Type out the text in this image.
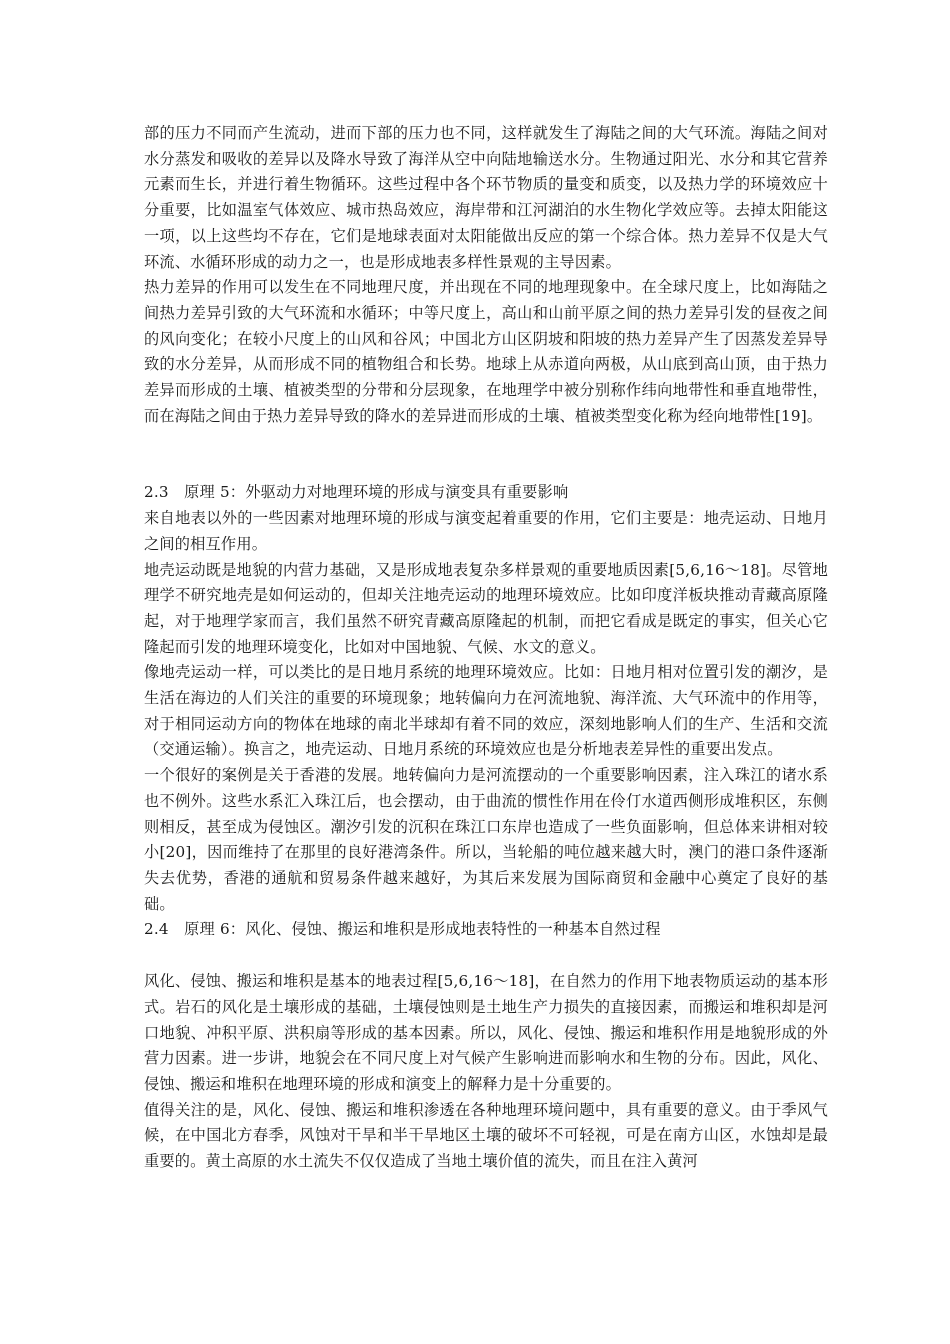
部的压力不同而产生流动，进而下部的压力也不同，这样就发生了海陆之间的大气环流。海陆之间对水分蒸发和吸收的差异以及降水导致了海洋从空中向陆地输送水分。生物通过阳光、水分和其它营养元素而生长，并进行着生物循环。这些过程中各个环节物质的量变和质变，以及热力学的环境效应十分重要，比如温室气体效应、城市热岛效应，海岸带和江河湖泊的水生物化学效应等。去掉太阳能这一项，以上这些均不存在，它们是地球表面对太阳能做出反应的第一个综合体。热力差异不仅是大气环流、水循环形成的动力之一，也是形成地表多样性景观的主导因素。

热力差异的作用可以发生在不同地理尺度，并出现在不同的地理现象中。在全球尺度上，比如海陆之间热力差异引致的大气环流和水循环；中等尺度上，高山和山前平原之间的热力差异引发的昼夜之间的风向变化；在较小尺度上的山风和谷风；中国北方山区阴坡和阳坡的热力差异产生了因蒸发差异导致的水分差异，从而形成不同的植物组合和长势。地球上从赤道向两极，从山底到高山顶，由于热力差异而形成的土壤、植被类型的分带和分层现象，在地理学中被分别称作纬向地带性和垂直地带性，而在海陆之间由于热力差异导致的降水的差异进而形成的土壤、植被类型变化称为经向地带性[19]。

2.3　原理 5：外驱动力对地理环境的形成与演变具有重要影响

来自地表以外的一些因素对地理环境的形成与演变起着重要的作用，它们主要是：地壳运动、日地月之间的相互作用。

地壳运动既是地貌的内营力基础，又是形成地表复杂多样景观的重要地质因素[5,6,16～18]。尽管地理学不研究地壳是如何运动的，但却关注地壳运动的地理环境效应。比如印度洋板块推动青藏高原隆起，对于地理学家而言，我们虽然不研究青藏高原隆起的机制，而把它看成是既定的事实，但关心它隆起而引发的地理环境变化，比如对中国地貌、气候、水文的意义。

像地壳运动一样，可以类比的是日地月系统的地理环境效应。比如：日地月相对位置引发的潮汐，是生活在海边的人们关注的重要的环境现象；地转偏向力在河流地貌、海洋流、大气环流中的作用等，对于相同运动方向的物体在地球的南北半球却有着不同的效应，深刻地影响人们的生产、生活和交流（交通运输）。换言之，地壳运动、日地月系统的环境效应也是分析地表差异性的重要出发点。

一个很好的案例是关于香港的发展。地转偏向力是河流摆动的一个重要影响因素，注入珠江的诸水系也不例外。这些水系汇入珠江后，也会摆动，由于曲流的惯性作用在伶仃水道西侧形成堆积区，东侧则相反，甚至成为侵蚀区。潮汐引发的沉积在珠江口东岸也造成了一些负面影响，但总体来讲相对较小[20]，因而维持了在那里的良好港湾条件。所以，当轮船的吨位越来越大时，澳门的港口条件逐渐失去优势，香港的通航和贸易条件越来越好，为其后来发展为国际商贸和金融中心奠定了良好的基础。

2.4　原理 6：风化、侵蚀、搬运和堆积是形成地表特性的一种基本自然过程

风化、侵蚀、搬运和堆积是基本的地表过程[5,6,16～18]，在自然力的作用下地表物质运动的基本形式。岩石的风化是土壤形成的基础，土壤侵蚀则是土地生产力损失的直接因素，而搬运和堆积却是河口地貌、冲积平原、洪积扇等形成的基本因素。所以，风化、侵蚀、搬运和堆积作用是地貌形成的外营力因素。进一步讲，地貌会在不同尺度上对气候产生影响进而影响水和生物的分布。因此，风化、侵蚀、搬运和堆积在地理环境的形成和演变上的解释力是十分重要的。

值得关注的是，风化、侵蚀、搬运和堆积渗透在各种地理环境问题中，具有重要的意义。由于季风气候，在中国北方春季，风蚀对干旱和半干旱地区土壤的破坏不可轻视，可是在南方山区，水蚀却是最重要的。黄土高原的水土流失不仅仅造成了当地土壤价值的流失，而且在注入黄河
